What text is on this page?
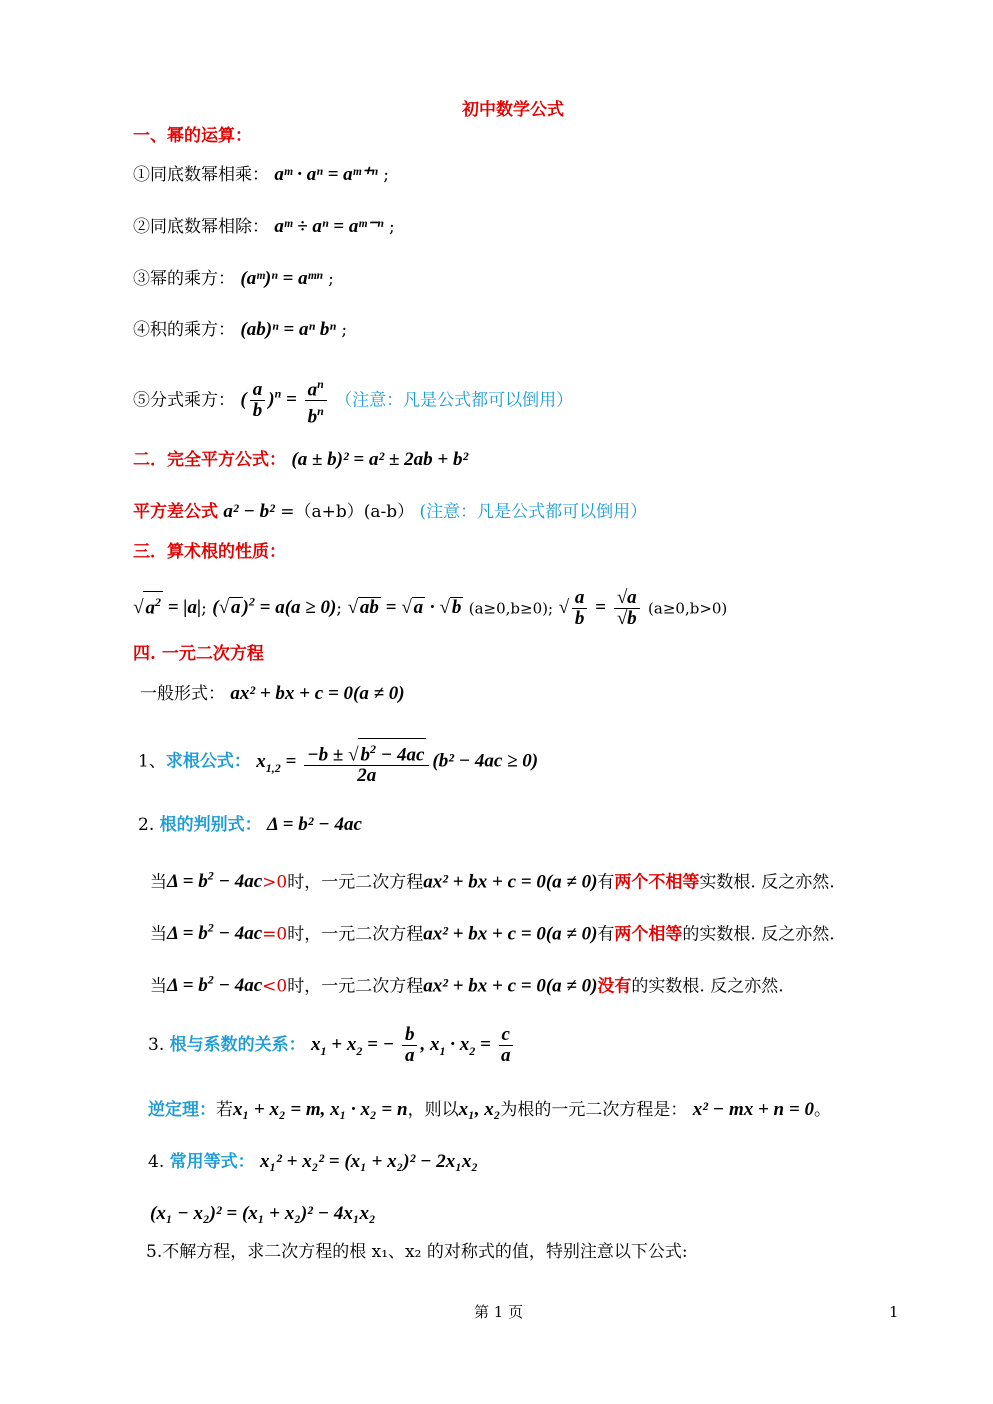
初中数学公式
一、幂的运算：
①同底数幂相乘： aᵐ · aⁿ = aᵐ⁺ⁿ ;
②同底数幂相除： aᵐ ÷ aⁿ = aᵐ⁻ⁿ ;
③幂的乘方： (aᵐ)ⁿ = aᵐⁿ ;
④积的乘方： (ab)ⁿ = aⁿ bⁿ ;
⑤分式乘方： ( $\frac{a}{b} )^n = \frac{a^n}{b^n}$ （注意：凡是公式都可以倒用）
二．完全平方公式： (a ± b)² = a² ± 2ab + b²
平方差公式 a² − b² =（a+b）(a-b） (注意：凡是公式都可以倒用）
三．算术根的性质：
√ $a^2 = |a|$; (√ a )$^2$ = a(a ≥ 0); √ ab = √ a · √ b (a≥0,b≥0); √ $\frac{a}{b} = \frac{√a}{√b} (a\ge 0,b>0)$
四. 一元二次方程
一般形式： ax² + bx + c = 0(a ≠ 0)
1、求根公式： $x_{1,2} = \frac{-b \pm √ b^2 - 4ac}{2a} (b^2 - 4ac \ge 0)$
2. 根的判别式： Δ = b² − 4ac
当$\Delta = b^2 - 4ac>0$时，一元二次方程ax² + bx + c = 0(a ≠ 0)有两个不相等实数根. 反之亦然.
当$\Delta = b^2 - 4ac=0$时，一元二次方程ax² + bx + c = 0(a ≠ 0)有两个相等的实数根. 反之亦然.
当$\Delta = b^2 - 4ac<0$时，一元二次方程ax² + bx + c = 0(a ≠ 0)没有的实数根. 反之亦然.
3. 根与系数的关系： $x_1 + x_2$ = − $\frac{b}{a}$ , $x_1 \cdot x_2 = \frac{c}{a}$
逆定理：若x₁ + x₂ = m, x₁ · x₂ = n，则以x₁, x₂为根的一元二次方程是： x² − mx + n = 0。
4. 常用等式： x₁² + x₂² = (x₁ + x₂)² − 2x₁x₂
(x₁ − x₂)² = (x₁ + x₂)² − 4x₁x₂
5.不解方程，求二次方程的根 x₁、x₂ 的对称式的值，特别注意以下公式:
第 1 页	1
